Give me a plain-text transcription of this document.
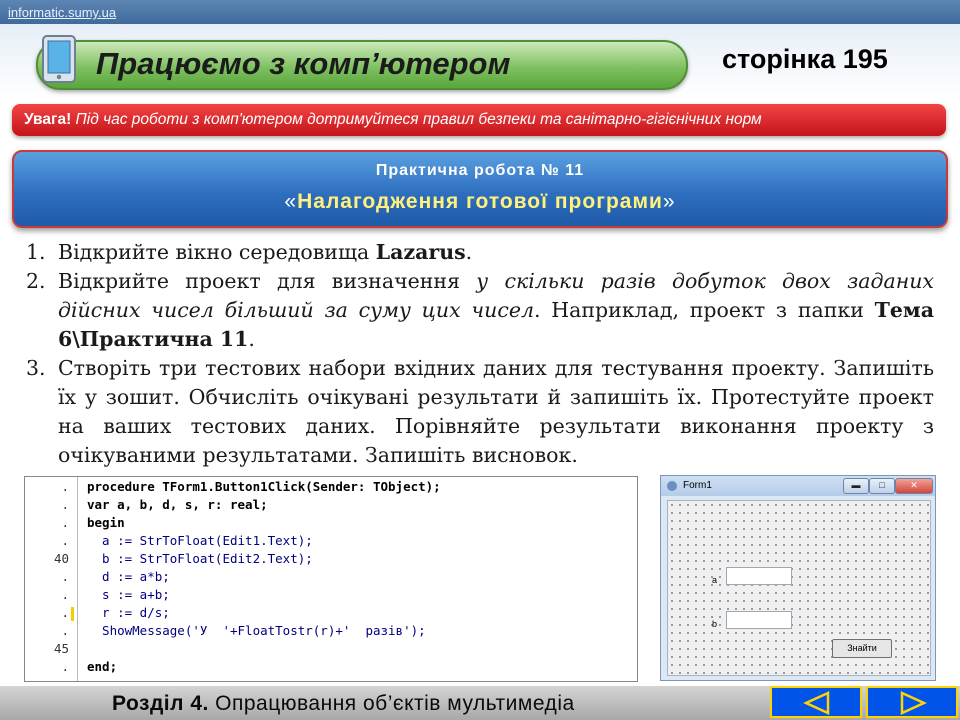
informatic.sumy.ua
Працюємо з комп’ютером	сторінка 195
Увага! Під час роботи з комп'ютером дотримуйтеся правил безпеки та санітарно-гігієнічних норм
Практична робота № 11
«Налагодження готової програми»
1. Відкрийте вікно середовища Lazarus.
2. Відкрийте проект для визначення у скільки разів добуток двох заданих дійсних чисел більший за суму цих чисел. Наприклад, проект з папки Тема 6\Практична 11.
3. Створіть три тестових набори вхідних даних для тестування проекту. Запишіть їх у зошит. Обчисліть очікувані результати й запишіть їх. Протестуйте проект на ваших тестових даних. Порівняйте результати виконання проекту з очікуваними результатами. Запишіть висновок.
. procedure TForm1.Button1Click(Sender: TObject);
. var a, b, d, s, r: real;
. begin
. a := StrToFloat(Edit1.Text);
40 b := StrToFloat(Edit2.Text);
. d := a*b;
. s := a+b;
. r := d/s;
. ShowMessage('У  '+FloatTostr(r)+'  разів');
45
. end;
Form1	▬	□	✕
a
b
Знайти
Розділ 4. Опрацювання об’єктів мультимедіа
